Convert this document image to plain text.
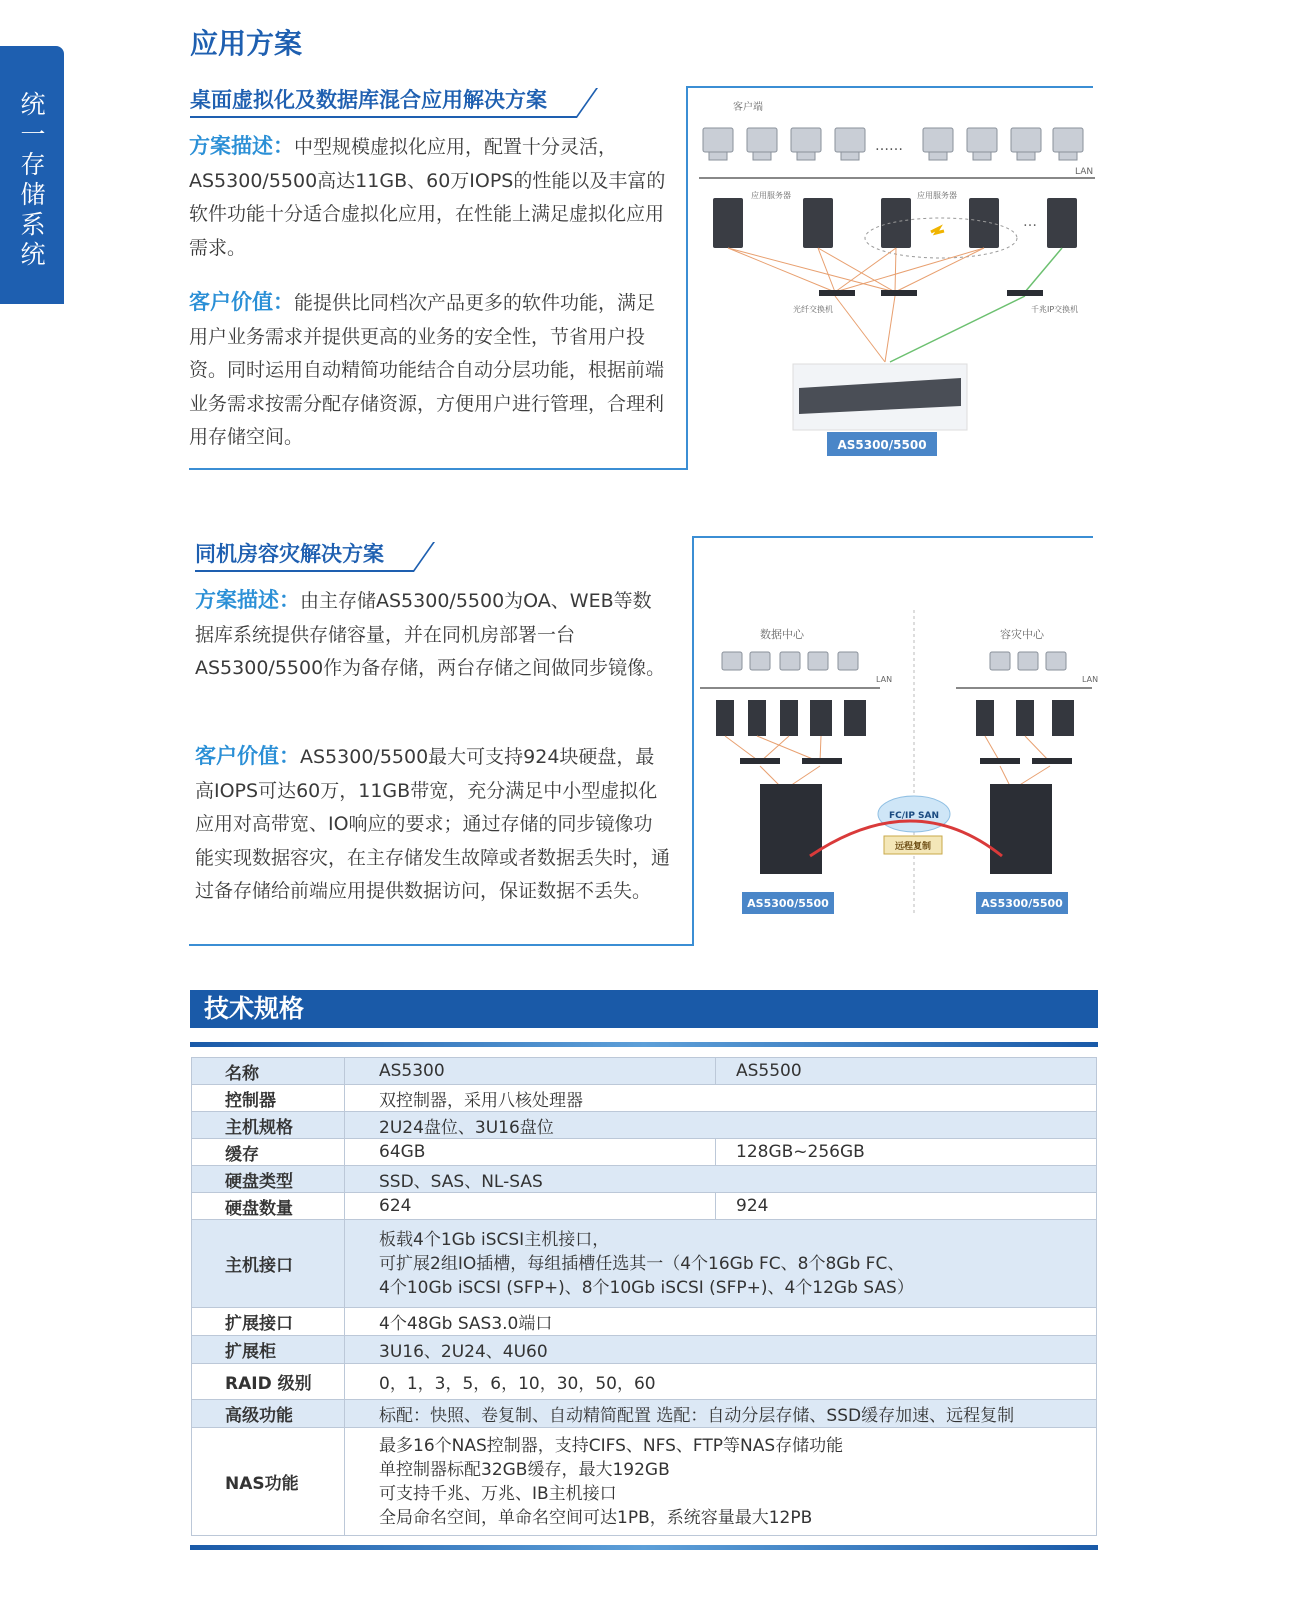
统一存储系统
应用方案
桌面虚拟化及数据库混合应用解决方案
方案描述：中型规模虚拟化应用，配置十分灵活，AS5300/5500高达11GB、60万IOPS的性能以及丰富的软件功能十分适合虚拟化应用，在性能上满足虚拟化应用需求。
客户价值：能提供比同档次产品更多的软件功能，满足用户业务需求并提供更高的业务的安全性，节省用户投资。同时运用自动精简功能结合自动分层功能，根据前端业务需求按需分配存储资源，方便用户进行管理，合理利用存储空间。
客户端
……
LAN
应用服务器	应用服务器
…
光纤交换机	千兆IP交换机
AS5300/5500
同机房容灾解决方案
方案描述：由主存储AS5300/5500为OA、WEB等数据库系统提供存储容量，并在同机房部署一台AS5300/5500作为备存储，两台存储之间做同步镜像。
客户价值：AS5300/5500最大可支持924块硬盘，最高IOPS可达60万，11GB带宽，充分满足中小型虚拟化应用对高带宽、IO响应的要求；通过存储的同步镜像功能实现数据容灾，在主存储发生故障或者数据丢失时，通过备存储给前端应用提供数据访问，保证数据不丢失。
数据中心	容灾中心
LAN	LAN
FC/IP SAN
远程复制
AS5300/5500	AS5300/5500
技术规格
名称	AS5300	AS5500
控制器	双控制器，采用八核处理器	
主机规格	2U24盘位、3U16盘位	
缓存	64GB	128GB~256GB
硬盘类型	SSD、SAS、NL-SAS	
硬盘数量	624	924
主机接口	板载4个1Gb iSCSI主机接口，
可扩展2组IO插槽，每组插槽任选其一（4个16Gb FC、8个8Gb FC、
4个10Gb iSCSI (SFP+)、8个10Gb iSCSI (SFP+)、4个12Gb SAS）	

扩展接口	4个48Gb SAS3.0端口	
扩展柜	3U16、2U24、4U60	
RAID 级别	0，1，3，5，6，10，30，50，60	
高级功能	标配：快照、卷复制、自动精简配置 选配：自动分层存储、SSD缓存加速、远程复制	
NAS功能	最多16个NAS控制器，支持CIFS、NFS、FTP等NAS存储功能
单控制器标配32GB缓存，最大192GB
可支持千兆、万兆、IB主机接口
全局命名空间，单命名空间可达1PB，系统容量最大12PB	
